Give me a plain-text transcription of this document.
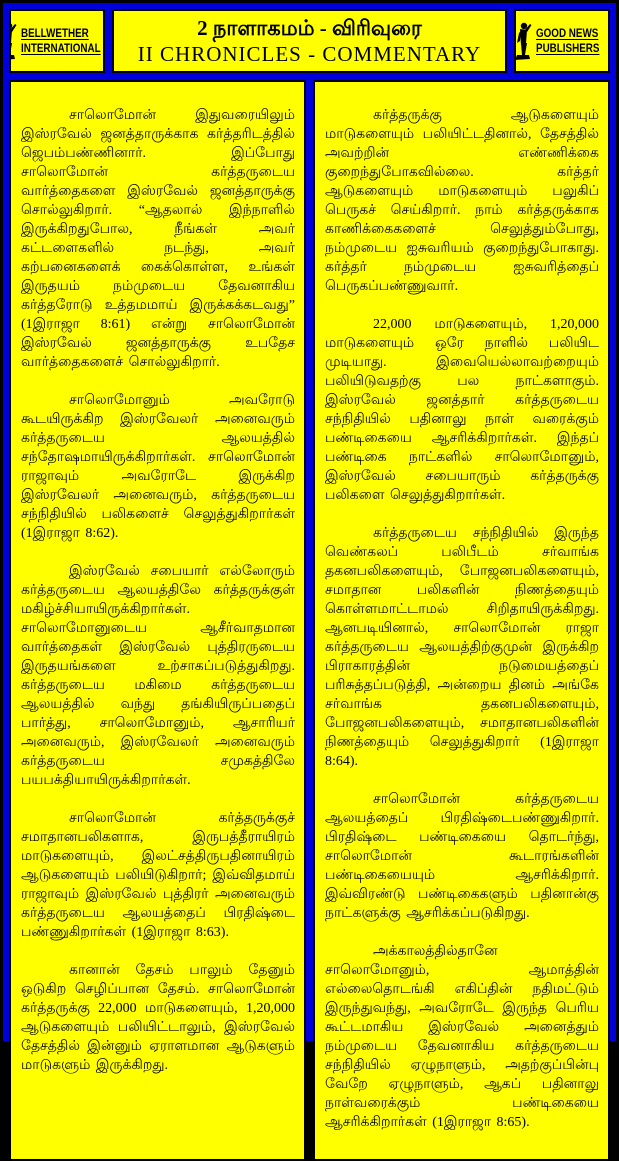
BELLWETHER
INTERNATIONAL
2 நாளாகமம் - விரிவுரை
II CHRONICLES - COMMENTARY
GOOD NEWS
PUBLISHERS

சாலொமோன் இதுவரையிலும் இஸ்ரவேல் ஜனத்தாருக்காக கர்த்தரிடத்தில் ஜெபம்பண்ணினார். இப்போது சாலொமோன் கர்த்தருடைய வார்த்தைகளை இஸ்ரவேல் ஜனத்தாருக்கு சொல்லுகிறார். “ஆதலால் இந்நாளில் இருக்கிறதுபோல, நீங்கள் அவர் கட்டளைகளில் நடந்து, அவர் கற்பனைகளைக் கைக்கொள்ள, உங்கள் இருதயம் நம்முடைய தேவனாகிய கர்த்தரோடு உத்தமமாய் இருக்கக்கடவது” (1இராஜா 8:61) என்று சாலொமோன் இஸ்ரவேல் ஜனத்தாருக்கு உபதேச வார்த்தைகளைச் சொல்லுகிறார்.

சாலொமோனும் அவரோடு கூடயிருக்கிற இஸ்ரவேலர் அனைவரும் கர்த்தருடைய ஆலயத்தில் சந்தோஷமாயிருக்கிறார்கள். சாலொமோன் ராஜாவும் அவரோடே இருக்கிற இஸ்ரவேலர் அனைவரும், கர்த்தருடைய சந்நிதியில் பலிகளைச் செலுத்துகிறார்கள் (1இராஜா 8:62).

இஸ்ரவேல் சபையார் எல்லோரும் கர்த்தருடைய ஆலயத்திலே கர்த்தருக்குள் மகிழ்ச்சியாயிருக்கிறார்கள். சாலொமோனுடைய ஆசீர்வாதமான வார்த்தைகள் இஸ்ரவேல் புத்திரருடைய இருதயங்களை உற்சாகப்படுத்துகிறது. கர்த்தருடைய மகிமை கர்த்தருடைய ஆலயத்தில் வந்து தங்கியிருப்பதைப் பார்த்து, சாலொமோனும், ஆசாரியர் அனைவரும், இஸ்ரவேலர் அனைவரும் கர்த்தருடைய சமுகத்திலே பயபக்தியாயிருக்கிறார்கள்.

சாலொமோன் கர்த்தருக்குச் சமாதானபலிகளாக, இருபத்தீராயிரம் மாடுகளையும், இலட்சத்திருபதினாயிரம் ஆடுகளையும் பலியிடுகிறார்; இவ்விதமாய் ராஜாவும் இஸ்ரவேல் புத்திரர் அனைவரும் கர்த்தருடைய ஆலயத்தைப் பிரதிஷ்டை பண்ணுகிறார்கள் (1இராஜா 8:63).

கானான் தேசம் பாலும் தேனும் ஒடுகிற செழிப்பான தேசம். சாலொமோன் கர்த்தருக்கு 22,000 மாடுகளையும், 1,20,000 ஆடுகளையும் பலியிட்டாலும், இஸ்ரவேல் தேசத்தில் இன்னும் ஏராளமான ஆடுகளும் மாடுகளும் இருக்கிறது.

கர்த்தருக்கு ஆடுகளையும் மாடுகளையும் பலியிட்டதினால், தேசத்தில் அவற்றின் எண்ணிக்கை குறைந்துபோகவில்லை. கர்த்தர் ஆடுகளையும் மாடுகளையும் பலுகிப் பெருகச் செய்கிறார். நாம் கர்த்தருக்காக காணிக்கைகளைச் செலுத்தும்போது, நம்முடைய ஐசுவரியம் குறைந்துபோகாது. கர்த்தர் நம்முடைய ஐசுவரித்தைப் பெருகப்பண்ணுவார்.

22,000 மாடுகளையும், 1,20,000 மாடுகளையும் ஒரே நாளில் பலியிட முடியாது. இவையெல்லாவற்றையும் பலியிடுவதற்கு பல நாட்களாகும். இஸ்ரவேல் ஜனத்தார் கர்த்தருடைய சந்நிதியில் பதினாலு நாள் வரைக்கும் பண்டிகையை ஆசரிக்கிறார்கள். இந்தப் பண்டிகை நாட்களில் சாலொமோனும், இஸ்ரவேல் சபையாரும் கர்த்தருக்கு பலிகளை செலுத்துகிறார்கள்.

கர்த்தருடைய சந்நிதியில் இருந்த வெண்கலப் பலிபீடம் சர்வாங்க தகனபலிகளையும், போஜனபலிகளையும், சமாதான பலிகளின் நிணத்தையும் கொள்ளமாட்டாமல் சிறிதாயிருக்கிறது. ஆனபடியினால், சாலொமோன் ராஜா கர்த்தருடைய ஆலயத்திற்குமுன் இருக்கிற பிராகாரத்தின் நடுமையத்தைப் பரிசுத்தப்படுத்தி, அன்றைய தினம் அங்கே சர்வாங்க தகனபலிகளையும், போஜனபலிகளையும், சமாதானபலிகளின் நிணத்தையும் செலுத்துகிறார் (1இராஜா 8:64).

சாலொமோன் கர்த்தருடைய ஆலயத்தைப் பிரதிஷ்டைபண்ணுகிறார். பிரதிஷ்டை பண்டிகையை தொடர்ந்து, சாலொமோன் கூடாரங்களின் பண்டிகையையும் ஆசரிக்கிறார். இவ்விரண்டு பண்டிகைகளும் பதினான்கு நாட்களுக்கு ஆசரிக்கப்படுகிறது.

அக்காலத்தில்தானே சாலொமோனும், ஆமாத்தின் எல்லைதொடங்கி எகிப்தின் நதிமட்டும் இருந்துவந்து, அவரோடே இருந்த பெரிய கூட்டமாகிய இஸ்ரவேல் அனைத்தும் நம்முடைய தேவனாகிய கர்த்தருடைய சந்நிதியில் ஏழுநாளும், அதற்குப்பின்பு வேறே ஏழுநாளும், ஆகப் பதினாலு நாள்வரைக்கும் பண்டிகையை ஆசரிக்கிறார்கள் (1இராஜா 8:65).
